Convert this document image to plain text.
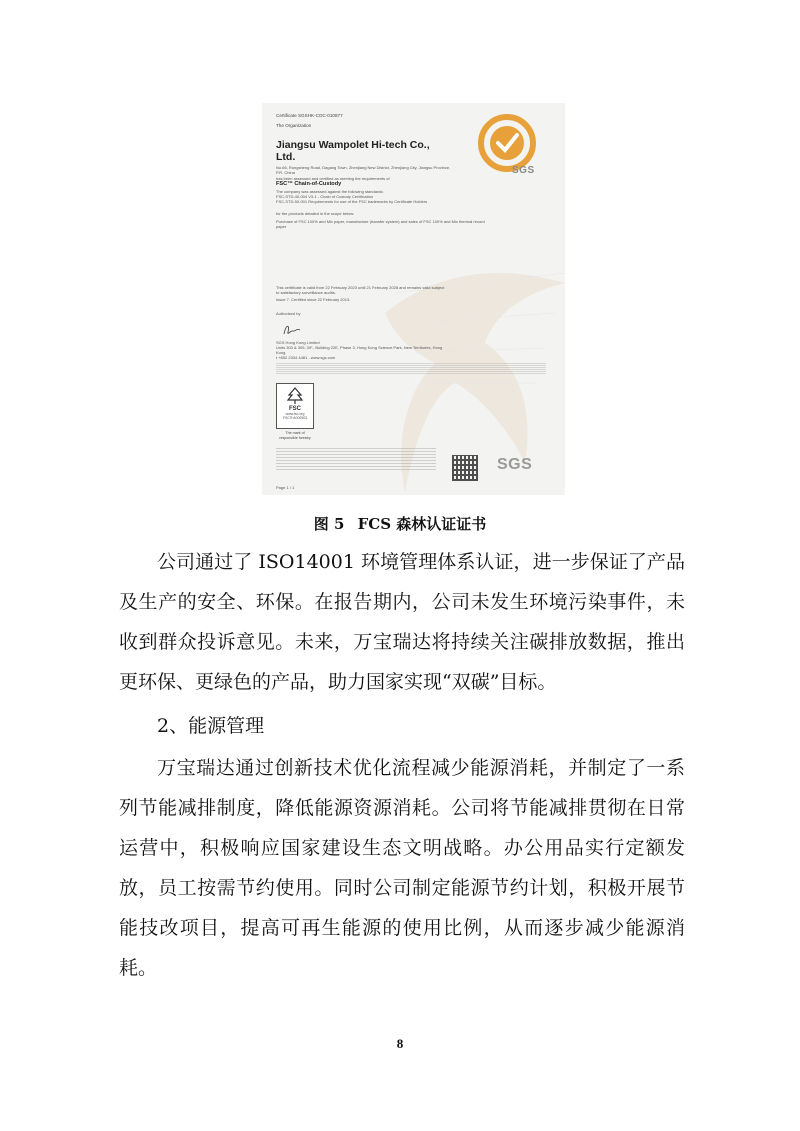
Certificate SGSHK-COC-010877
The Organization
Jiangsu Wampolet Hi-tech Co., Ltd.
No.66, Rongsheng Road, Dagang Town, Zhenjiang New District, Zhenjiang City, Jiangsu Province, P.R. China
has been assessed and certified as meeting the requirements of
FSC™ Chain-of-Custody
The company was assessed against the following standards:
FSC-STD-40-004 V3-1 - Chain of Custody Certification
FSC-STD-50-001 Requirements for use of the FSC trademarks by Certificate Holders
for the products detailed in the scope below:
Purchase of FSC 100% and Mix paper, manufacture (transfer system) and sales of FSC 100% and Mix thermal record paper
This certificate is valid from 22 February 2023 until 21 February 2028 and remains valid subject to satisfactory surveillance audits.
Issue 7. Certified since 22 February 2013.
Authorised by
SGS Hong Kong Limited
Units 303 & 305, 3/F., Building 22E, Phase 3, Hong Kong Science Park, New Territories, Hong Kong
t +852 2334 4481 - www.sgs.com
SGS
FSC
www.fsc.org
FSC® A000503
The mark of responsible forestry
SGS
Page 1 / 1
图 5 FCS 森林认证证书
公司通过了 ISO14001 环境管理体系认证，进一步保证了产品及生产的安全、环保。在报告期内，公司未发生环境污染事件，未收到群众投诉意见。未来，万宝瑞达将持续关注碳排放数据，推出更环保、更绿色的产品，助力国家实现“双碳”目标。
2、能源管理
万宝瑞达通过创新技术优化流程减少能源消耗，并制定了一系列节能减排制度，降低能源资源消耗。公司将节能减排贯彻在日常运营中，积极响应国家建设生态文明战略。办公用品实行定额发放，员工按需节约使用。同时公司制定能源节约计划，积极开展节能技改项目，提高可再生能源的使用比例，从而逐步减少能源消耗。
8
